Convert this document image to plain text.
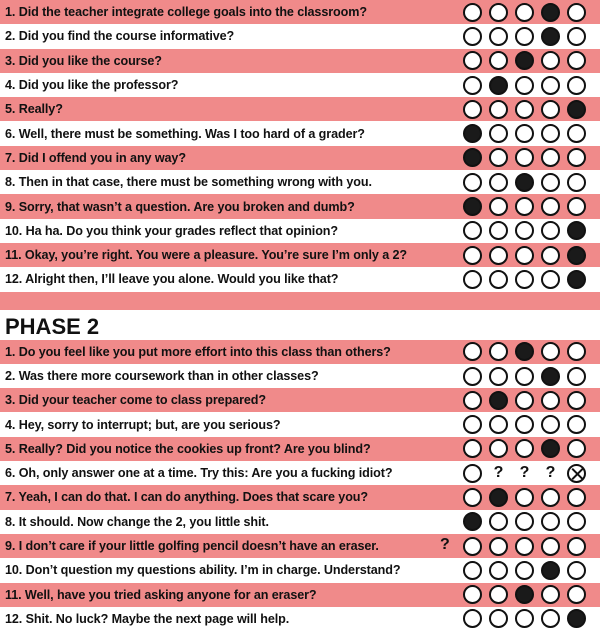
1. Did the teacher integrate college goals into the classroom?
2. Did you find the course informative?
3. Did you like the course?
4. Did you like the professor?
5. Really?
6. Well, there must be something. Was I too hard of a grader?
7. Did I offend you in any way?
8. Then in that case, there must be something wrong with you.
9. Sorry, that wasn’t a question. Are you broken and dumb?
10. Ha ha. Do you think your grades reflect that opinion?
11. Okay, you’re right. You were a pleasure. You’re sure I’m only a 2?
12. Alright then, I’ll leave you alone. Would you like that?
PHASE 2
1. Do you feel like you put more effort into this class than others?
2. Was there more coursework than in other classes?
3. Did your teacher come to class prepared?
4. Hey, sorry to interrupt; but, are you serious?
5. Really? Did you notice the cookies up front? Are you blind?
6. Oh, only answer one at a time. Try this: Are you a fucking idiot?	? ? ?
7. Yeah, I can do that. I can do anything. Does that scare you?
8. It should. Now change the 2, you little shit.
9. I don’t care if your little golfing pencil doesn’t have an eraser.	?
10. Don’t question my questions ability. I’m in charge. Understand?
11. Well, have you tried asking anyone for an eraser?
12. Shit. No luck? Maybe the next page will help.
